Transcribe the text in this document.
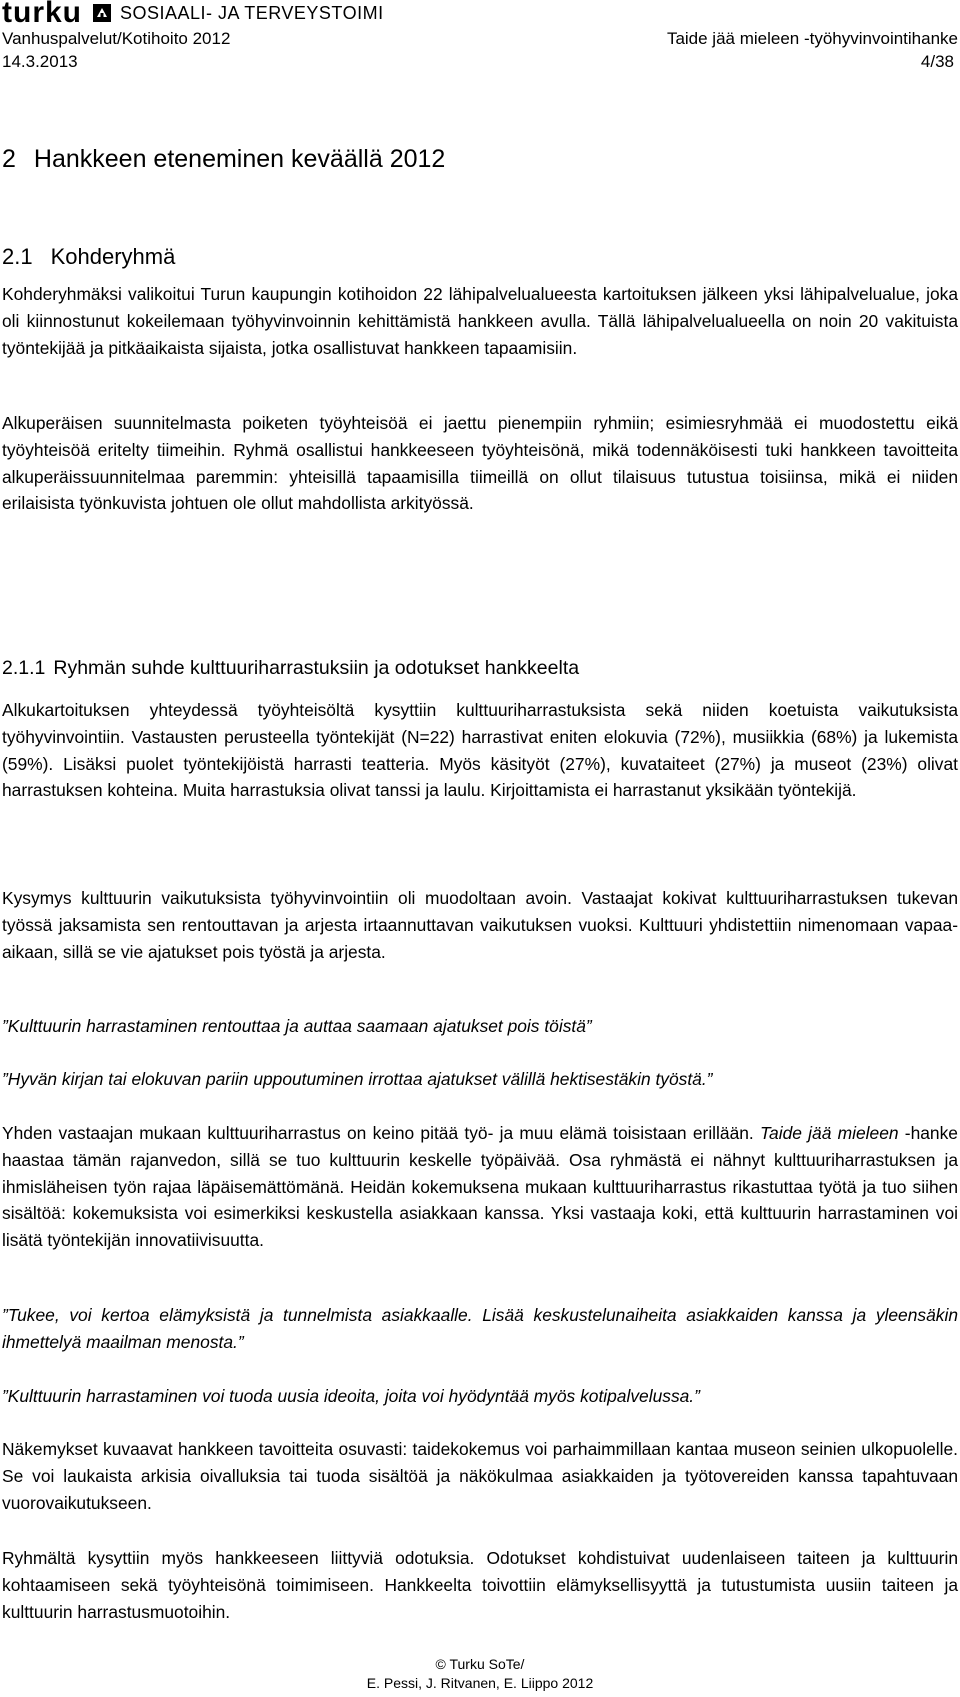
turku SOSIAALI- JA TERVEYSTOIMI
Vanhuspalvelut/Kotihoito 2012	Taide jää mieleen -työhyvinvointihanke
14.3.2013	4/38
2 Hankkeen eteneminen keväällä 2012
2.1 Kohderyhmä

Kohderyhmäksi valikoitui Turun kaupungin kotihoidon 22 lähipalvelualueesta kartoituksen jälkeen yksi lähipalvelualue, joka oli kiinnostunut kokeilemaan työhyvinvoinnin kehittämistä hankkeen avulla. Tällä lähipalvelualueella on noin 20 vakituista työntekijää ja pitkäaikaista sijaista, jotka osallistuvat hankkeen tapaamisiin.

Alkuperäisen suunnitelmasta poiketen työyhteisöä ei jaettu pienempiin ryhmiin; esimiesryhmää ei muodostettu eikä työyhteisöä eritelty tiimeihin. Ryhmä osallistui hankkeeseen työyhteisönä, mikä todennäköisesti tuki hankkeen tavoitteita alkuperäissuunnitelmaa paremmin: yhteisillä tapaamisilla tiimeillä on ollut tilaisuus tutustua toisiinsa, mikä ei niiden erilaisista työnkuvista johtuen ole ollut mahdollista arkityössä.

2.1.1 Ryhmän suhde kulttuuriharrastuksiin ja odotukset hankkeelta

Alkukartoituksen yhteydessä työyhteisöltä kysyttiin kulttuuriharrastuksista sekä niiden koetuista vaikutuksista työhyvinvointiin. Vastausten perusteella työntekijät (N=22) harrastivat eniten elokuvia (72%), musiikkia (68%) ja lukemista (59%). Lisäksi puolet työntekijöistä harrasti teatteria. Myös käsityöt (27%), kuvataiteet (27%) ja museot (23%) olivat harrastuksen kohteina. Muita harrastuksia olivat tanssi ja laulu. Kirjoittamista ei harrastanut yksikään työntekijä.

Kysymys kulttuurin vaikutuksista työhyvinvointiin oli muodoltaan avoin. Vastaajat kokivat kulttuuriharrastuksen tukevan työssä jaksamista sen rentouttavan ja arjesta irtaannuttavan vaikutuksen vuoksi. Kulttuuri yhdistettiin nimenomaan vapaa-aikaan, sillä se vie ajatukset pois työstä ja arjesta.

”Kulttuurin harrastaminen rentouttaa ja auttaa saamaan ajatukset pois töistä”

”Hyvän kirjan tai elokuvan pariin uppoutuminen irrottaa ajatukset välillä hektisestäkin työstä.”

Yhden vastaajan mukaan kulttuuriharrastus on keino pitää työ- ja muu elämä toisistaan erillään. Taide jää mieleen -hanke haastaa tämän rajanvedon, sillä se tuo kulttuurin keskelle työpäivää. Osa ryhmästä ei nähnyt kulttuuriharrastuksen ja ihmisläheisen työn rajaa läpäisemättömänä. Heidän kokemuksena mukaan kulttuuriharrastus rikastuttaa työtä ja tuo siihen sisältöä: kokemuksista voi esimerkiksi keskustella asiakkaan kanssa. Yksi vastaaja koki, että kulttuurin harrastaminen voi lisätä työntekijän innovatiivisuutta.

”Tukee, voi kertoa elämyksistä ja tunnelmista asiakkaalle. Lisää keskustelunaiheita asiakkaiden kanssa ja yleensäkin ihmettelyä maailman menosta.”

”Kulttuurin harrastaminen voi tuoda uusia ideoita, joita voi hyödyntää myös kotipalvelussa.”

Näkemykset kuvaavat hankkeen tavoitteita osuvasti: taidekokemus voi parhaimmillaan kantaa museon seinien ulkopuolelle. Se voi laukaista arkisia oivalluksia tai tuoda sisältöä ja näkökulmaa asiakkaiden ja työtovereiden kanssa tapahtuvaan vuorovaikutukseen.

Ryhmältä kysyttiin myös hankkeeseen liittyviä odotuksia. Odotukset kohdistuivat uudenlaiseen taiteen ja kulttuurin kohtaamiseen sekä työyhteisönä toimimiseen. Hankkeelta toivottiin elämyksellisyyttä ja tutustumista uusiin taiteen ja kulttuurin harrastusmuotoihin.

© Turku SoTe/
E. Pessi, J. Ritvanen, E. Liippo 2012
